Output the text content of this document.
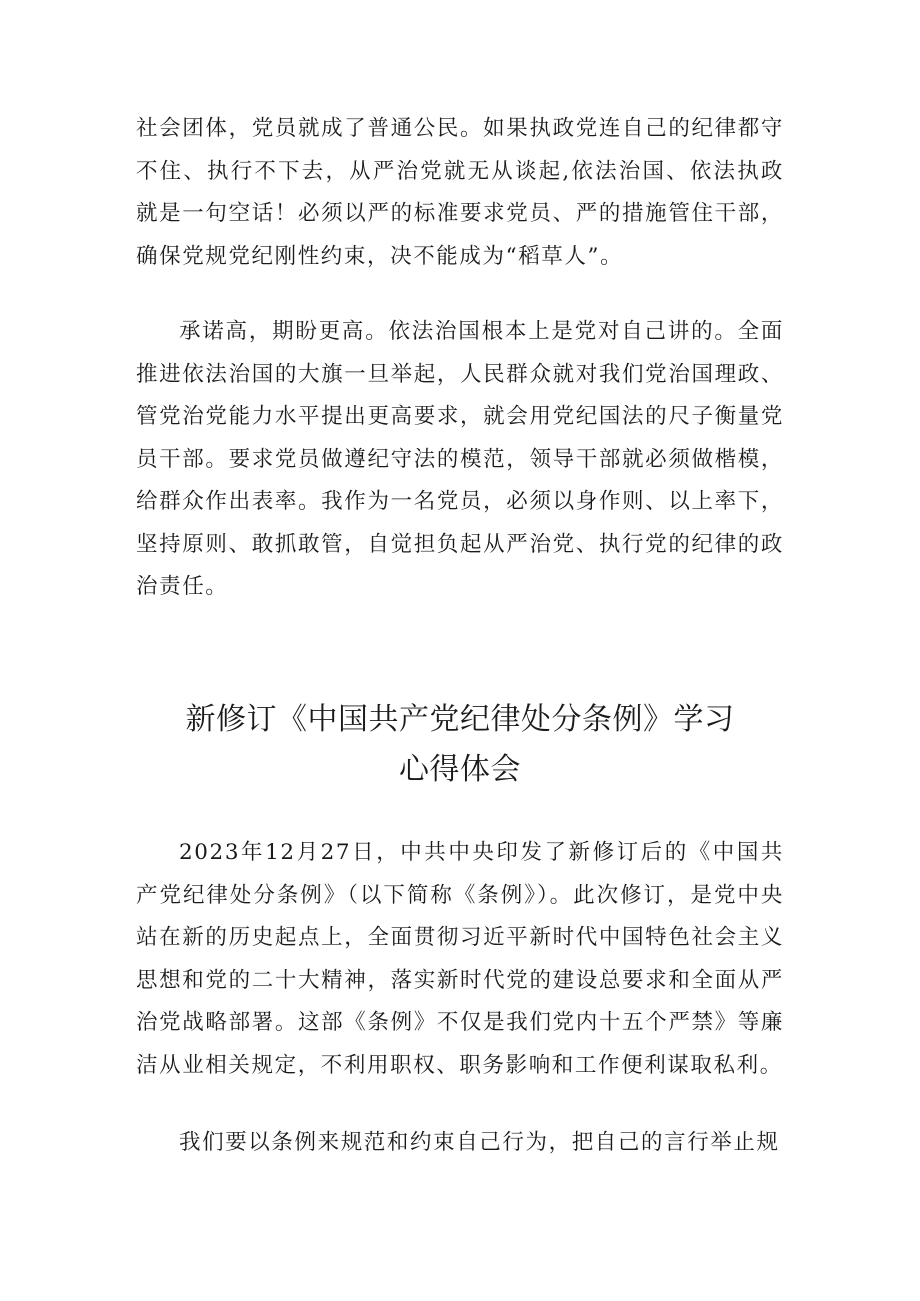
社会团体，党员就成了普通公民。如果执政党连自己的纪律都守不住、执行不下去，从严治党就无从谈起,依法治国、依法执政就是一句空话！必须以严的标准要求党员、严的措施管住干部，确保党规党纪刚性约束，决不能成为“稻草人”。

承诺高，期盼更高。依法治国根本上是党对自己讲的。全面推进依法治国的大旗一旦举起，人民群众就对我们党治国理政、管党治党能力水平提出更高要求，就会用党纪国法的尺子衡量党员干部。要求党员做遵纪守法的模范，领导干部就必须做楷模，给群众作出表率。我作为一名党员，必须以身作则、以上率下，坚持原则、敢抓敢管，自觉担负起从严治党、执行党的纪律的政治责任。

新修订《中国共产党纪律处分条例》学习
心得体会

2023年12月27日，中共中央印发了新修订后的《中国共产党纪律处分条例》（以下简称《条例》）。此次修订，是党中央站在新的历史起点上，全面贯彻习近平新时代中国特色社会主义思想和党的二十大精神，落实新时代党的建设总要求和全面从严治党战略部署。这部《条例》不仅是我们党内十五个严禁》等廉洁从业相关规定，不利用职权、职务影响和工作便利谋取私利。

我们要以条例来规范和约束自己行为，把自己的言行举止规
